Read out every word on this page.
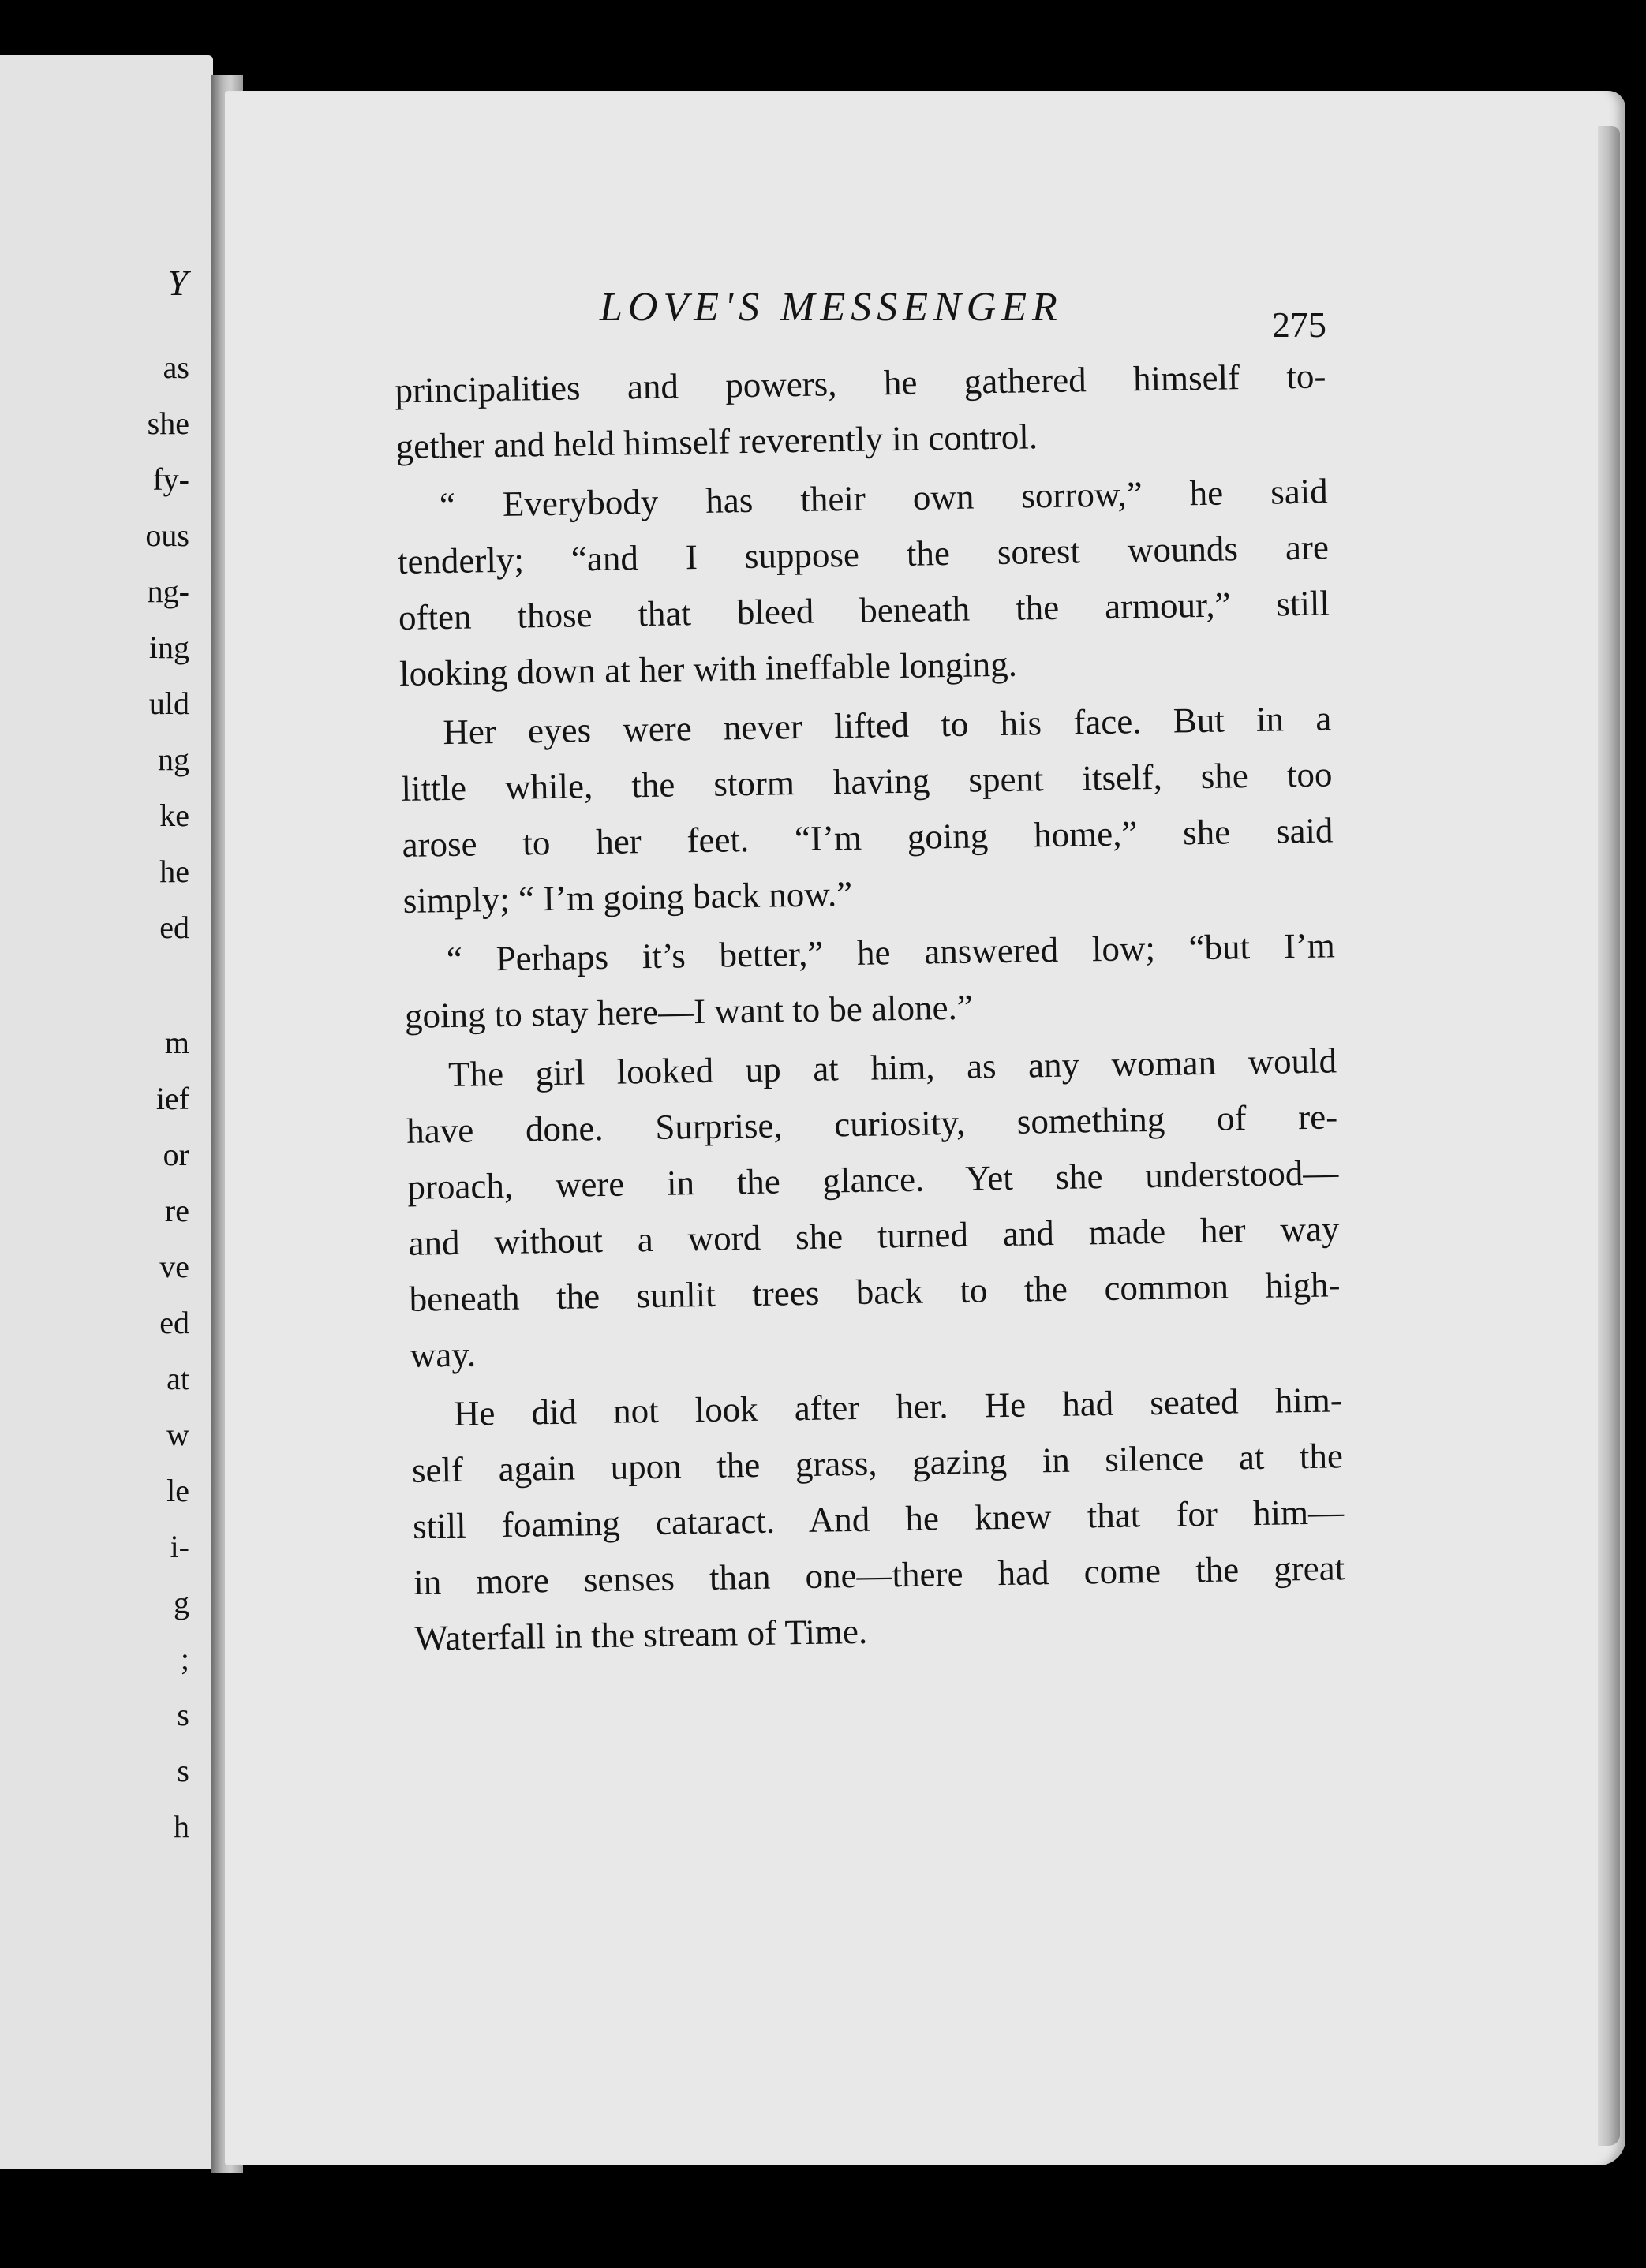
Y
as
she
fy-
ous
ng-
ing
uld
ng
ke
he
ed
m
ief
or
re
ve
ed
at
w
le
i-
g
;
s
s
h
LOVE'S MESSENGER	275
principalities and powers, he gathered himself to-
gether and held himself reverently in control.
“ Everybody has their own sorrow,” he said
tenderly; “and I suppose the sorest wounds are
often those that bleed beneath the armour,” still
looking down at her with ineffable longing.
Her eyes were never lifted to his face. But in a
little while, the storm having spent itself, she too
arose to her feet. “I’m going home,” she said
simply; “ I’m going back now.”
“ Perhaps it’s better,” he answered low; “but I’m
going to stay here—I want to be alone.”
The girl looked up at him, as any woman would
have done. Surprise, curiosity, something of re-
proach, were in the glance. Yet she understood—
and without a word she turned and made her way
beneath the sunlit trees back to the common high-
way.
He did not look after her. He had seated him-
self again upon the grass, gazing in silence at the
still foaming cataract. And he knew that for him—
in more senses than one—there had come the great
Waterfall in the stream of Time.
